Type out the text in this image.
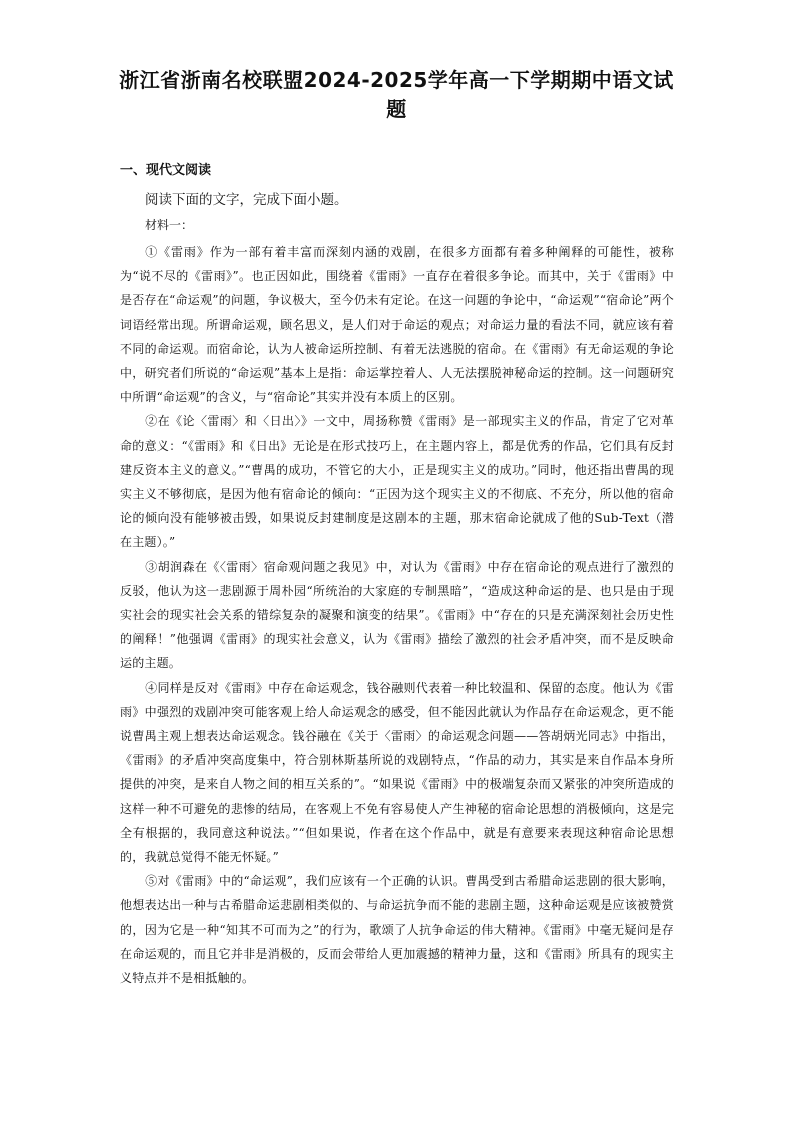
浙江省浙南名校联盟2024-2025学年高一下学期期中语文试题
一、现代文阅读
阅读下面的文字，完成下面小题。
材料一：

①《雷雨》作为一部有着丰富而深刻内涵的戏剧，在很多方面都有着多种阐释的可能性，被称为“说不尽的《雷雨》”。也正因如此，围绕着《雷雨》一直存在着很多争论。而其中，关于《雷雨》中是否存在“命运观”的问题，争议极大，至今仍未有定论。在这一问题的争论中，“命运观”“宿命论”两个词语经常出现。所谓命运观，顾名思义，是人们对于命运的观点；对命运力量的看法不同，就应该有着不同的命运观。而宿命论，认为人被命运所控制、有着无法逃脱的宿命。在《雷雨》有无命运观的争论中，研究者们所说的“命运观”基本上是指：命运掌控着人、人无法摆脱神秘命运的控制。这一问题研究中所谓“命运观”的含义，与“宿命论”其实并没有本质上的区别。

②在《论〈雷雨〉和〈日出〉》一文中，周扬称赞《雷雨》是一部现实主义的作品，肯定了它对革命的意义：“《雷雨》和《日出》无论是在形式技巧上，在主题内容上，都是优秀的作品，它们具有反封建反资本主义的意义。”“曹禺的成功，不管它的大小，正是现实主义的成功。”同时，他还指出曹禺的现实主义不够彻底，是因为他有宿命论的倾向：“正因为这个现实主义的不彻底、不充分，所以他的宿命论的倾向没有能够被击毁，如果说反封建制度是这剧本的主题，那末宿命论就成了他的Sub-Text（潜在主题）。”

③胡润森在《〈雷雨〉宿命观问题之我见》中，对认为《雷雨》中存在宿命论的观点进行了激烈的反驳，他认为这一悲剧源于周朴园“所统治的大家庭的专制黑暗”，“造成这种命运的是、也只是由于现实社会的现实社会关系的错综复杂的凝聚和演变的结果”。《雷雨》中“存在的只是充满深刻社会历史性的阐释！”他强调《雷雨》的现实社会意义，认为《雷雨》描绘了激烈的社会矛盾冲突，而不是反映命运的主题。

④同样是反对《雷雨》中存在命运观念，钱谷融则代表着一种比较温和、保留的态度。他认为《雷雨》中强烈的戏剧冲突可能客观上给人命运观念的感受，但不能因此就认为作品存在命运观念，更不能说曹禺主观上想表达命运观念。钱谷融在《关于〈雷雨〉的命运观念问题——答胡炳光同志》中指出，《雷雨》的矛盾冲突高度集中，符合别林斯基所说的戏剧特点，“作品的动力，其实是来自作品本身所提供的冲突，是来自人物之间的相互关系的”。“如果说《雷雨》中的极端复杂而又紧张的冲突所造成的这样一种不可避免的悲惨的结局，在客观上不免有容易使人产生神秘的宿命论思想的消极倾向，这是完全有根据的，我同意这种说法。”“但如果说，作者在这个作品中，就是有意要来表现这种宿命论思想的，我就总觉得不能无怀疑。”

⑤对《雷雨》中的“命运观”，我们应该有一个正确的认识。曹禺受到古希腊命运悲剧的很大影响，他想表达出一种与古希腊命运悲剧相类似的、与命运抗争而不能的悲剧主题，这种命运观是应该被赞赏的，因为它是一种“知其不可而为之”的行为，歌颂了人抗争命运的伟大精神。《雷雨》中毫无疑问是存在命运观的，而且它并非是消极的，反而会带给人更加震撼的精神力量，这和《雷雨》所具有的现实主义特点并不是相抵触的。
